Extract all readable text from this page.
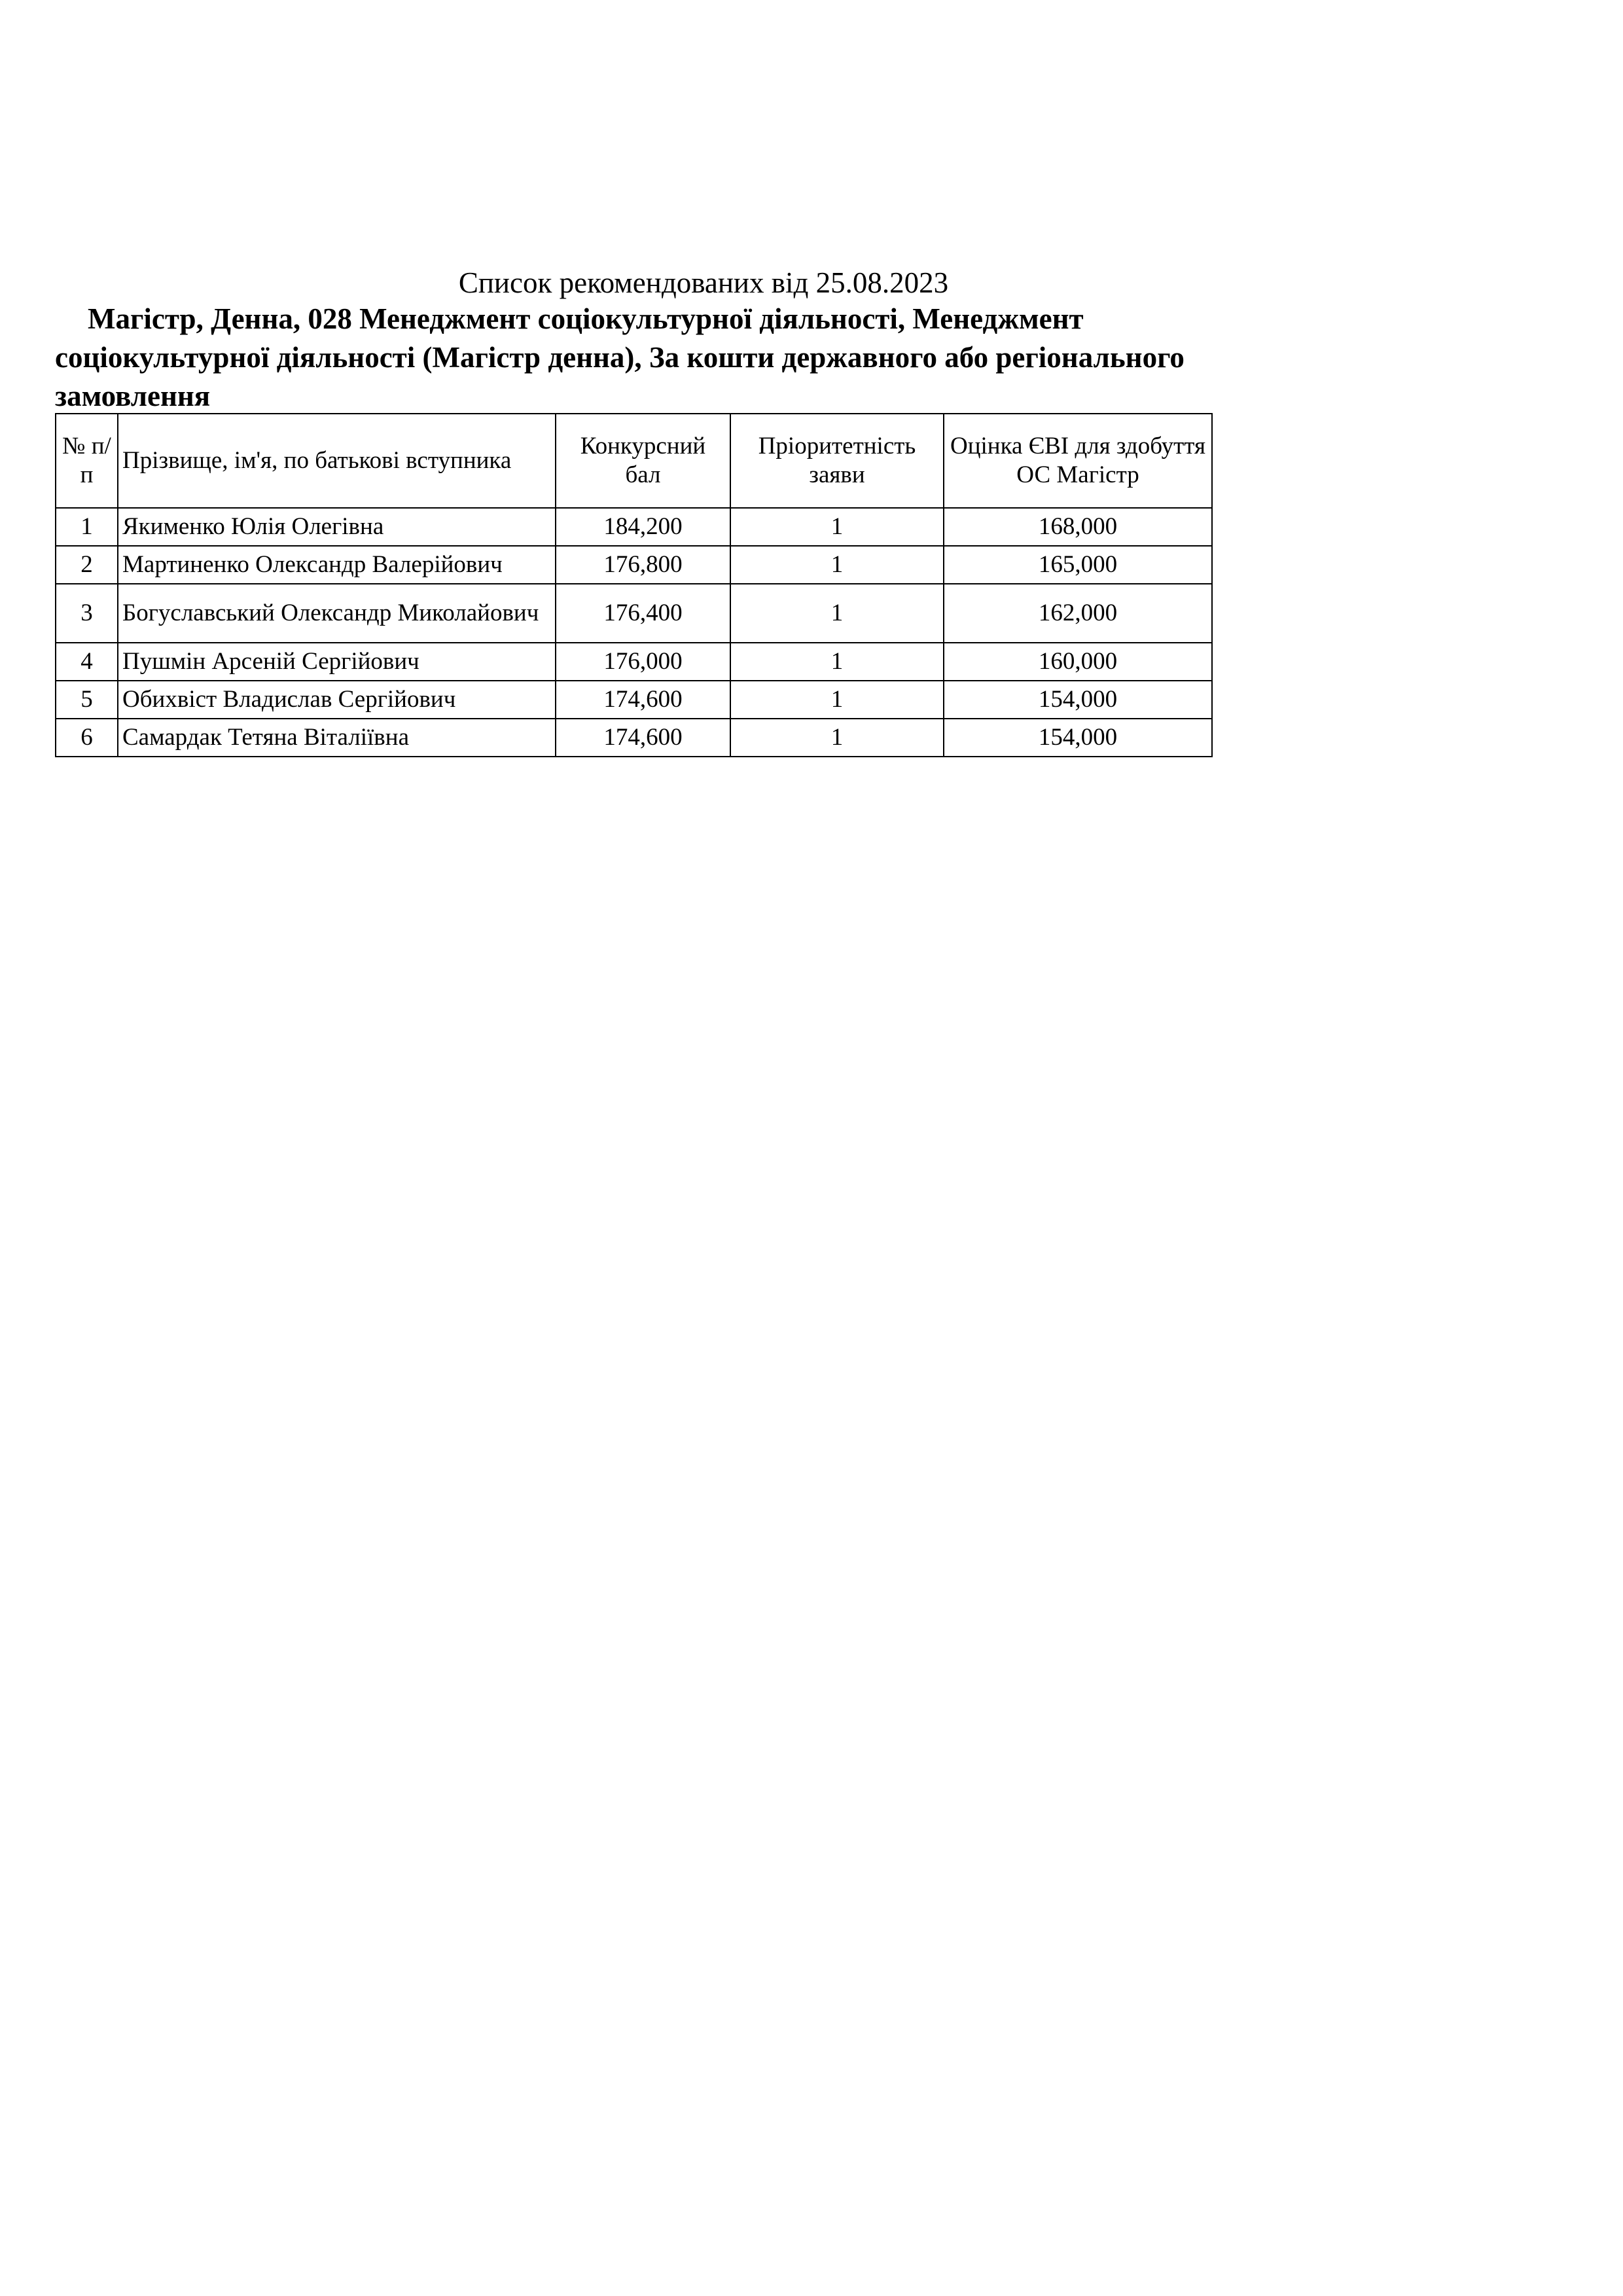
Список рекомендованих від 25.08.2023

Магістр, Денна, 028 Менеджмент соціокультурної діяльності, Менеджмент соціокультурної діяльності (Магістр денна), За кошти державного або регіонального замовлення

№ п/п	Прізвище, ім'я, по батькові вступника	Конкурсний бал	Пріоритетність заяви	Оцінка ЄВІ для здобуття ОС Магістр
1	Якименко Юлія Олегівна	184,200	1	168,000
2	Мартиненко Олександр Валерійович	176,800	1	165,000
3	Богуславський Олександр Миколайович	176,400	1	162,000
4	Пушмін Арсеній Сергійович	176,000	1	160,000
5	Обихвіст Владислав Сергійович	174,600	1	154,000
6	Самардак Тетяна Віталіївна	174,600	1	154,000
